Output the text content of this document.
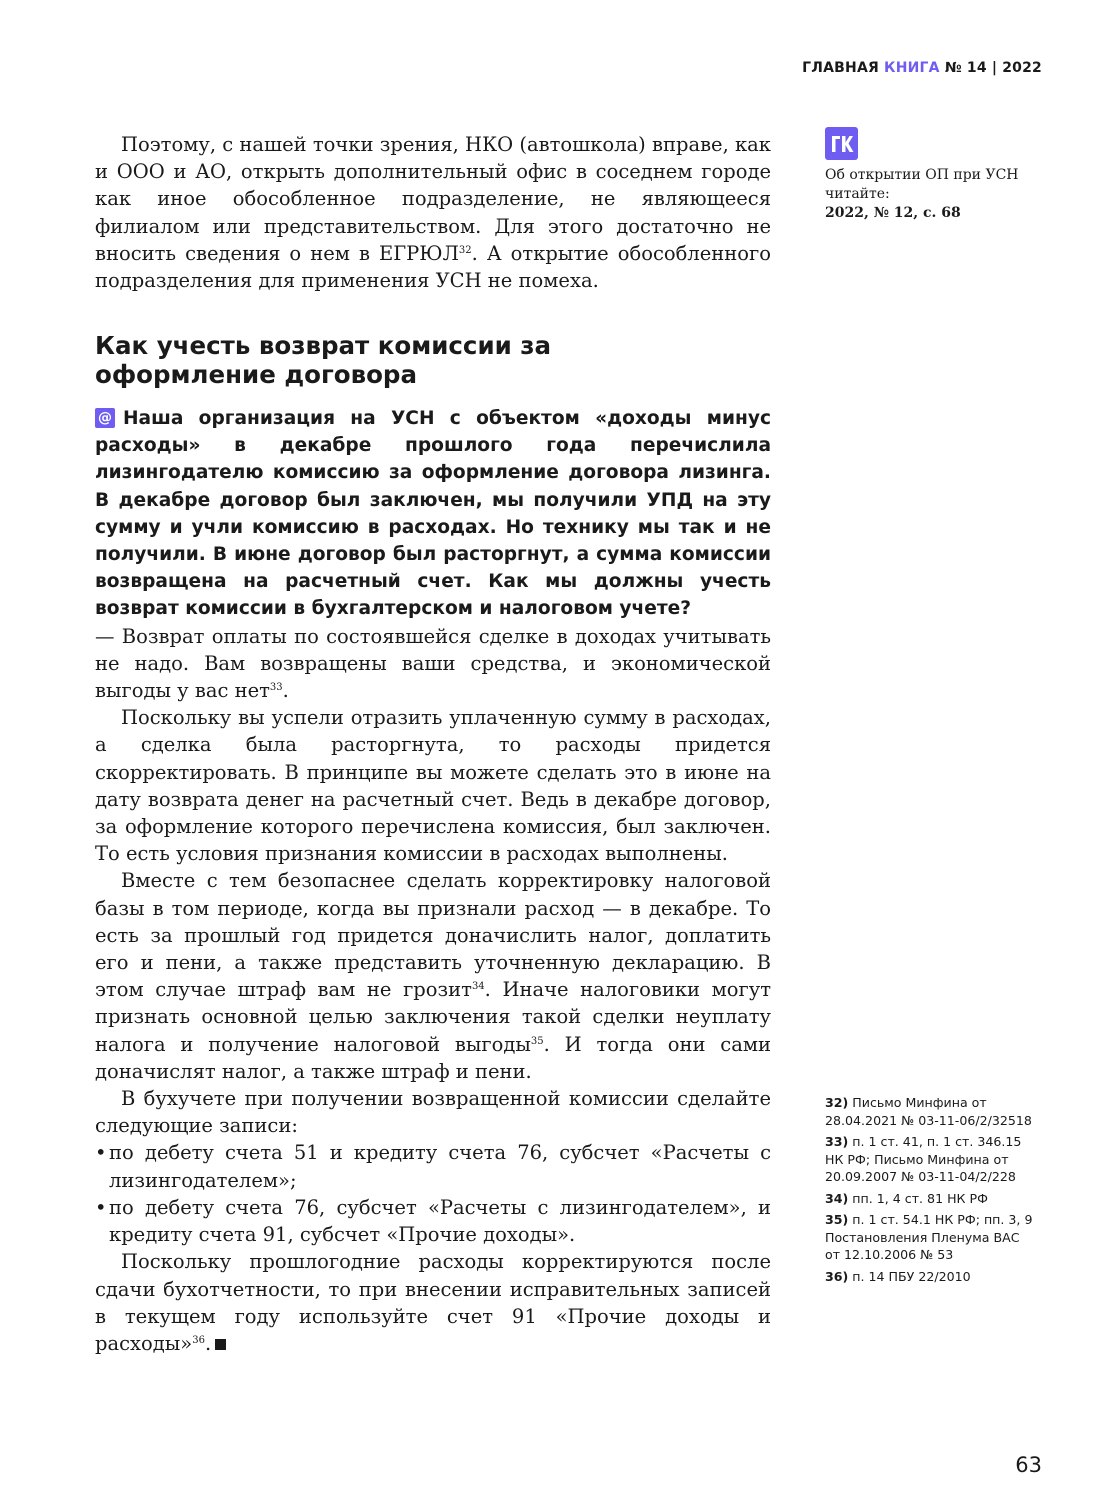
ГЛАВНАЯ КНИГА № 14 | 2022

Поэтому, с нашей точки зрения, НКО (автошкола) вправе, как и ООО и АО, открыть дополнительный офис в соседнем городе как иное обособленное подразделение, не являющееся филиалом или представительством. Для этого достаточно не вносить сведения о нем в ЕГРЮЛ$^{32}$. А открытие обособленного подразделения для применения УСН не помеха.

Как учесть возврат комиссии за оформление договора

@ Наша организация на УСН с объектом «доходы минус расходы» в декабре прошлого года перечислила лизингодателю комиссию за оформление договора лизинга. В декабре договор был заключен, мы получили УПД на эту сумму и учли комиссию в расходах. Но технику мы так и не получили. В июне договор был расторгнут, а сумма комиссии возвращена на расчетный счет. Как мы должны учесть возврат комиссии в бухгалтерском и налоговом учете?

— Возврат оплаты по состоявшейся сделке в доходах учитывать не надо. Вам возвращены ваши средства, и экономической выгоды у вас нет$^{33}$.

Поскольку вы успели отразить уплаченную сумму в расходах, а сделка была расторгнута, то расходы придется скорректировать. В принципе вы можете сделать это в июне на дату возврата денег на расчетный счет. Ведь в декабре договор, за оформление которого перечислена комиссия, был заключен. То есть условия признания комиссии в расходах выполнены.

Вместе с тем безопаснее сделать корректировку налоговой базы в том периоде, когда вы признали расход — в декабре. То есть за прошлый год придется доначислить налог, доплатить его и пени, а также представить уточненную декларацию. В этом случае штраф вам не грозит$^{34}$. Иначе налоговики могут признать основной целью заключения такой сделки неуплату налога и получение налоговой выгоды$^{35}$. И тогда они сами доначислят налог, а также штраф и пени.

В бухучете при получении возвращенной комиссии сделайте следующие записи:

• по дебету счета 51 и кредиту счета 76, субсчет «Расчеты с лизингодателем»;
• по дебету счета 76, субсчет «Расчеты с лизингодателем», и кредиту счета 91, субсчет «Прочие доходы».

Поскольку прошлогодние расходы корректируются после сдачи бухотчетности, то при внесении исправительных записей в текущем году используйте счет 91 «Прочие доходы и расходы»$^{36}$.

Об открытии ОП при УСН читайте:
2022, № 12, с. 68

32) Письмо Минфина от 28.04.2021 № 03-11-06/2/32518

33) п. 1 ст. 41, п. 1 ст. 346.15 НК РФ; Письмо Минфина от 20.09.2007 № 03-11-04/2/228

34) пп. 1, 4 ст. 81 НК РФ

35) п. 1 ст. 54.1 НК РФ; пп. 3, 9 Постановления Пленума ВАС от 12.10.2006 № 53

36) п. 14 ПБУ 22/2010

63
